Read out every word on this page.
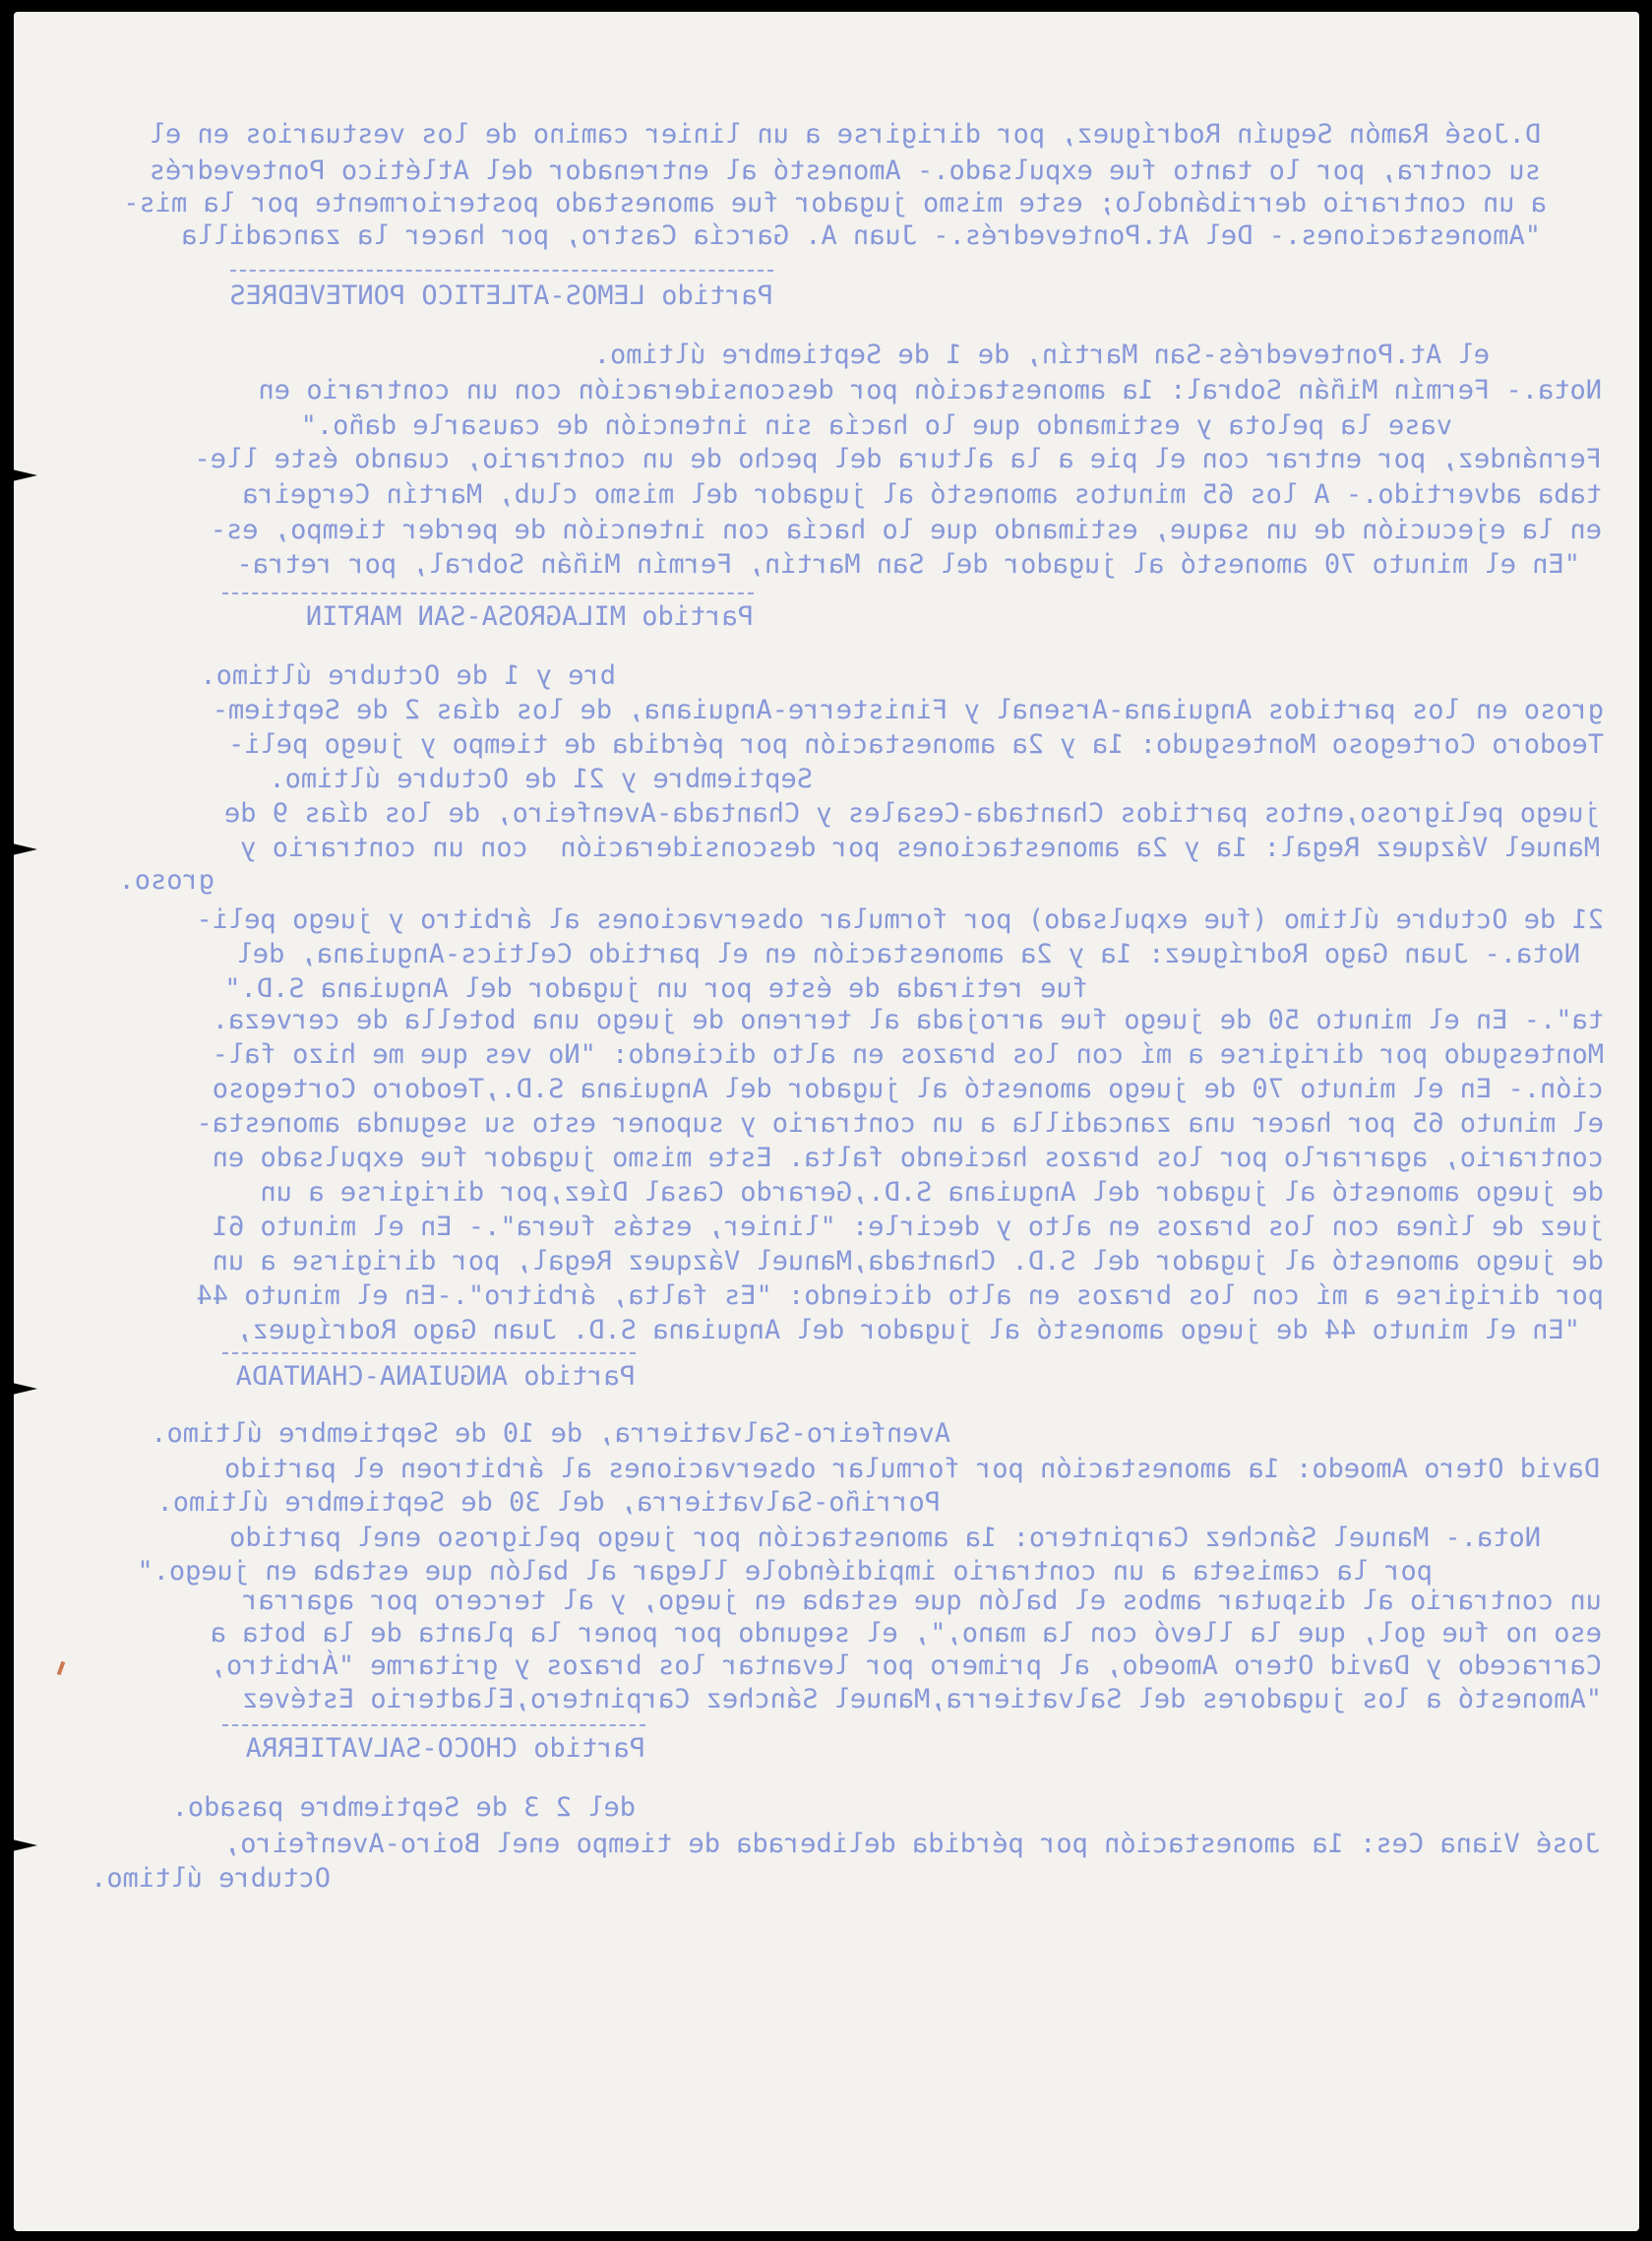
D.José Ramón Seguín Rodríguez, por dirigirse a un linier camino de los vestuarios en el
su contra, por lo tanto fue expulsado.- Amonestó al entrenador del Atlético Pontevedrés
a un contrario derribándolo; este mismo jugador fue amonestado posteriormente por la mis-
"Amonestaciones.- Del At.Pontevedrés.- Juan A. García Castro, por hacer la zancadilla
Partido LEMOS-ATLETICO PONTEVEDRES
el At.Pontevedrés-San Martín, de 1 de Septiembre último.
Nota.- Fermín Miñán Sobral: 1a amonestación por desconsideración con un contrario en
vase la pelota y estimando que lo hacía sin intención de causarle daño."
Fernández, por entrar con el pie a la altura del pecho de un contrario, cuando éste lle-
taba advertido.- A los 65 minutos amonestó al jugador del mismo club, Martín Cergeira
en la ejecución de un saque, estimando que lo hacía con intención de perder tiempo, es-
"En el minuto 70 amonestó al jugador del San Martín, Fermín Miñán Sobral, por retra-
Partido MILAGROSA-SAN MARTIN
bre y 1 de Octubre último.
groso en los partidos Anguiana-Arsenal y Finisterre-Anguiana, de los días 2 de Septiem-
Teodoro Cortegoso Montesgudo: 1a y 2a amonestación por pérdida de tiempo y juego peli-
Septiembre y 21 de Octubre último.
juego peligroso,entos partidos Chantada-Cesales y Chantada-Avenfeiro, de los días 9 de
Manuel Vázquez Regal: 1a y 2a amonestaciones por desconsideración  con un contrario y
groso.
21 de Octubre último (fue expulsado) por formular observaciones al árbitro y juego peli-
Nota.- Juan Gago Rodríguez: 1a y 2a amonestación en el partido Celtics-Anguiana, del
fue retirada de éste por un jugador del Anguiana S.D."
ta".- En el minuto 50 de juego fue arrojada al terreno de juego una botella de cerveza.
Montesgudo por dirigirse a mí con los brazos en alto diciendo: "No ves que me hizo fal-
ción.- En el minuto 70 de juego amonestó al jugador del Anguiana S.D.,Teodoro Cortegoso
el minuto 65 por hacer una zancadilla a un contrario y suponer esto su segunda amonesta-
contrario, agarrarlo por los brazos haciendo falta. Este mismo jugador fue expulsado en
de juego amonestó al jugador del Anguiana S.D.,Gerardo Casal Díez,por dirigirse a un
juez de línea con los brazos en alto y decirle: "linier, estás fuera".- En el minuto 61
de juego amonestó al jugador del S.D. Chantada,Manuel Vázquez Regal, por dirigirse a un
por dirigirse a mí con los brazos en alto diciendo: "Es falta, árbitro".-En el minuto 44
"En el minuto 44 de juego amonestó al jugador del Anguiana S.D. Juan Gago Rodríguez,
Partido ANGUIANA-CHANTADA
Avenfeiro-Salvatierra, de 10 de Septiembre último.
David Otero Amoedo: 1a amonestación por formular observaciones al árbitroen el partido
Porriño-Salvatierra, del 30 de Septiembre último.
Nota.- Manuel Sánchez Carpintero: 1a amonestación por juego peligroso enel partido
por la camiseta a un contrario impidiéndole llegar al balón que estaba en juego."
un contrario al disputar ambos el balón que estaba en juego, y al tercero por agarrar
eso no fue gol, que la llevó con la mano,", el segundo por poner la planta de la bota a
Carracedo y David Otero Amoedo, al primero por levantar los brazos y gritarme "Árbitro,
"Amonestó a los jugadores del Salvatierra,Manuel Sánchez Carpintero,Eladterio Estévez
Partido CHOCO-SALVATIERRA
del 2 3 de Septiembre pasado.
José Viana Ces: 1a amonestación por pérdida deliberada de tiempo enel Boiro-Avenfeiro,
Octubre último.
